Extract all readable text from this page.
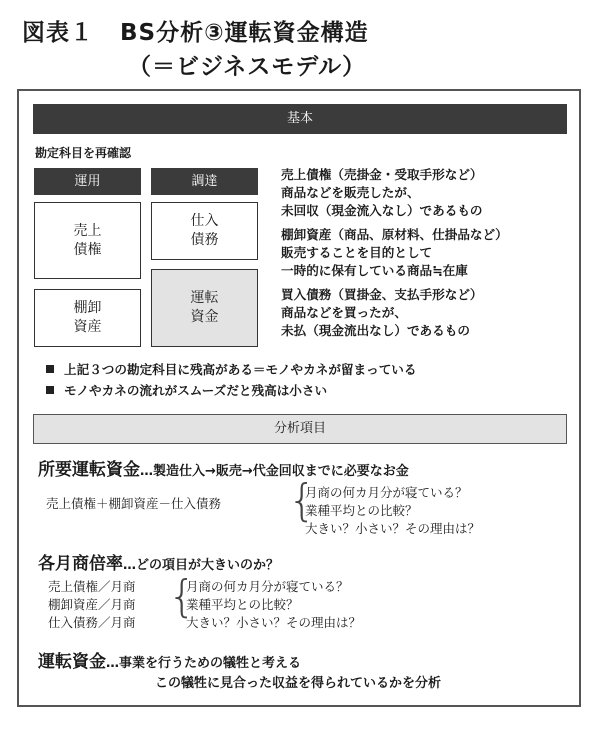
図表１ BS分析③運転資金構造
（＝ビジネスモデル）
基本
勘定科目を再確認
運用	調達
売上
債権
棚卸
資産
仕入
債務
運転
資金
売上債権（売掛金・受取手形など）
商品などを販売したが、
未回収（現金流入なし）であるもの
棚卸資産（商品、原材料、仕掛品など）
販売することを目的として
一時的に保有している商品≒在庫
買入債務（買掛金、支払手形など）
商品などを買ったが、
未払（現金流出なし）であるもの
上記３つの勘定科目に残高がある＝モノやカネが留まっている
モノやカネの流れがスムーズだと残高は小さい
分析項目
所要運転資金…製造仕入→販売→代金回収までに必要なお金
売上債権＋棚卸資産－仕入債務 {
月商の何カ月分が寝ている？
業種平均との比較？
大きい？小さい？その理由は？
各月商倍率…どの項目が大きいのか？
売上債権／月商
棚卸資産／月商
仕入債務／月商
{
月商の何カ月分が寝ている？
業種平均との比較？
大きい？小さい？その理由は？
運転資金…事業を行うための犠牲と考える
この犠牲に見合った収益を得られているかを分析
